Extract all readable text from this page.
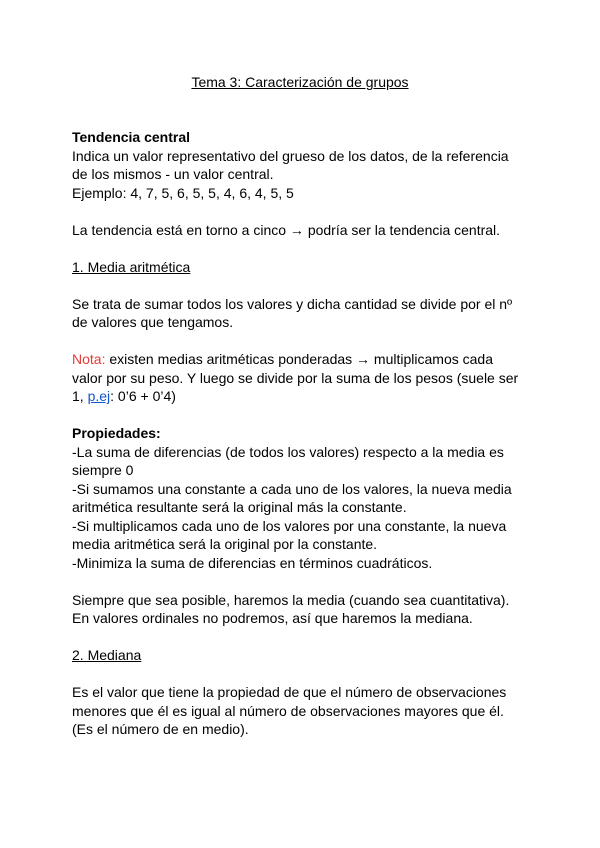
Tema 3: Caracterización de grupos

Tendencia central

Indica un valor representativo del grueso de los datos, de la referencia

de los mismos - un valor central.

Ejemplo: 4, 7, 5, 6, 5, 5, 4, 6, 4, 5, 5

La tendencia está en torno a cinco → podría ser la tendencia central.

1. Media aritmética

Se trata de sumar todos los valores y dicha cantidad se divide por el nº

de valores que tengamos.

Nota: existen medias aritméticas ponderadas → multiplicamos cada

valor por su peso. Y luego se divide por la suma de los pesos (suele ser

1, p.ej: 0’6 + 0’4)

Propiedades:

-La suma de diferencias (de todos los valores) respecto a la media es

siempre 0

-Si sumamos una constante a cada uno de los valores, la nueva media

aritmética resultante será la original más la constante.

-Si multiplicamos cada uno de los valores por una constante, la nueva

media aritmética será la original por la constante.

-Minimiza la suma de diferencias en términos cuadráticos.

Siempre que sea posible, haremos la media (cuando sea cuantitativa).

En valores ordinales no podremos, así que haremos la mediana.

2. Mediana

Es el valor que tiene la propiedad de que el número de observaciones

menores que él es igual al número de observaciones mayores que él.

(Es el número de en medio).
